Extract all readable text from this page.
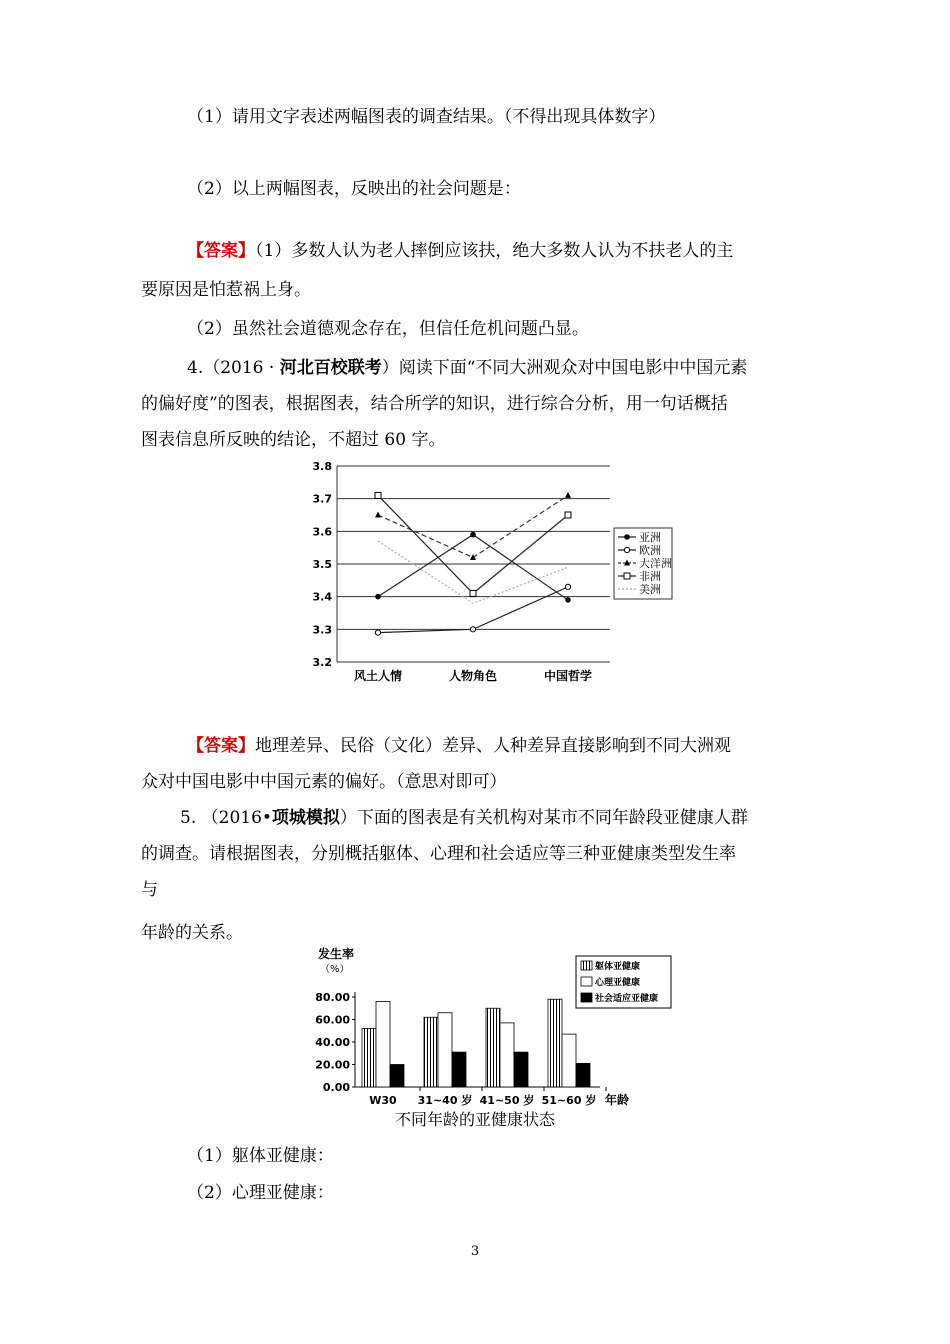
（1）请用文字表述两幅图表的调查结果。（不得出现具体数字）
（2）以上两幅图表，反映出的社会问题是：
【答案】（1）多数人认为老人摔倒应该扶，绝大多数人认为不扶老人的主
要原因是怕惹祸上身。
（2）虽然社会道德观念存在，但信任危机问题凸显。
4.（2016 · 河北百校联考）阅读下面“不同大洲观众对中国电影中中国元素
的偏好度”的图表，根据图表，结合所学的知识，进行综合分析，用一句话概括
图表信息所反映的结论，不超过 60 字。
3.2
3.3
3.4
3.5
3.6
3.7
3.8
风土人情	人物角色	中国哲学
亚洲
欧洲
大洋洲
非洲
美洲
【答案】地理差异、民俗（文化）差异、人种差异直接影响到不同大洲观
众对中国电影中中国元素的偏好。（意思对即可）
5. （2016•项城模拟）下面的图表是有关机构对某市不同年龄段亚健康人群
的调查。请根据图表，分别概括躯体、心理和社会适应等三种亚健康类型发生率
与
年龄的关系。
发生率
（%）
0.00
20.00
40.00
60.00
80.00
W30 31~40 岁 41~50 岁 51~60 岁 年龄
不同年龄的亚健康状态
躯体亚健康
心理亚健康
社会适应亚健康
（1）躯体亚健康：
（2）心理亚健康：
3
